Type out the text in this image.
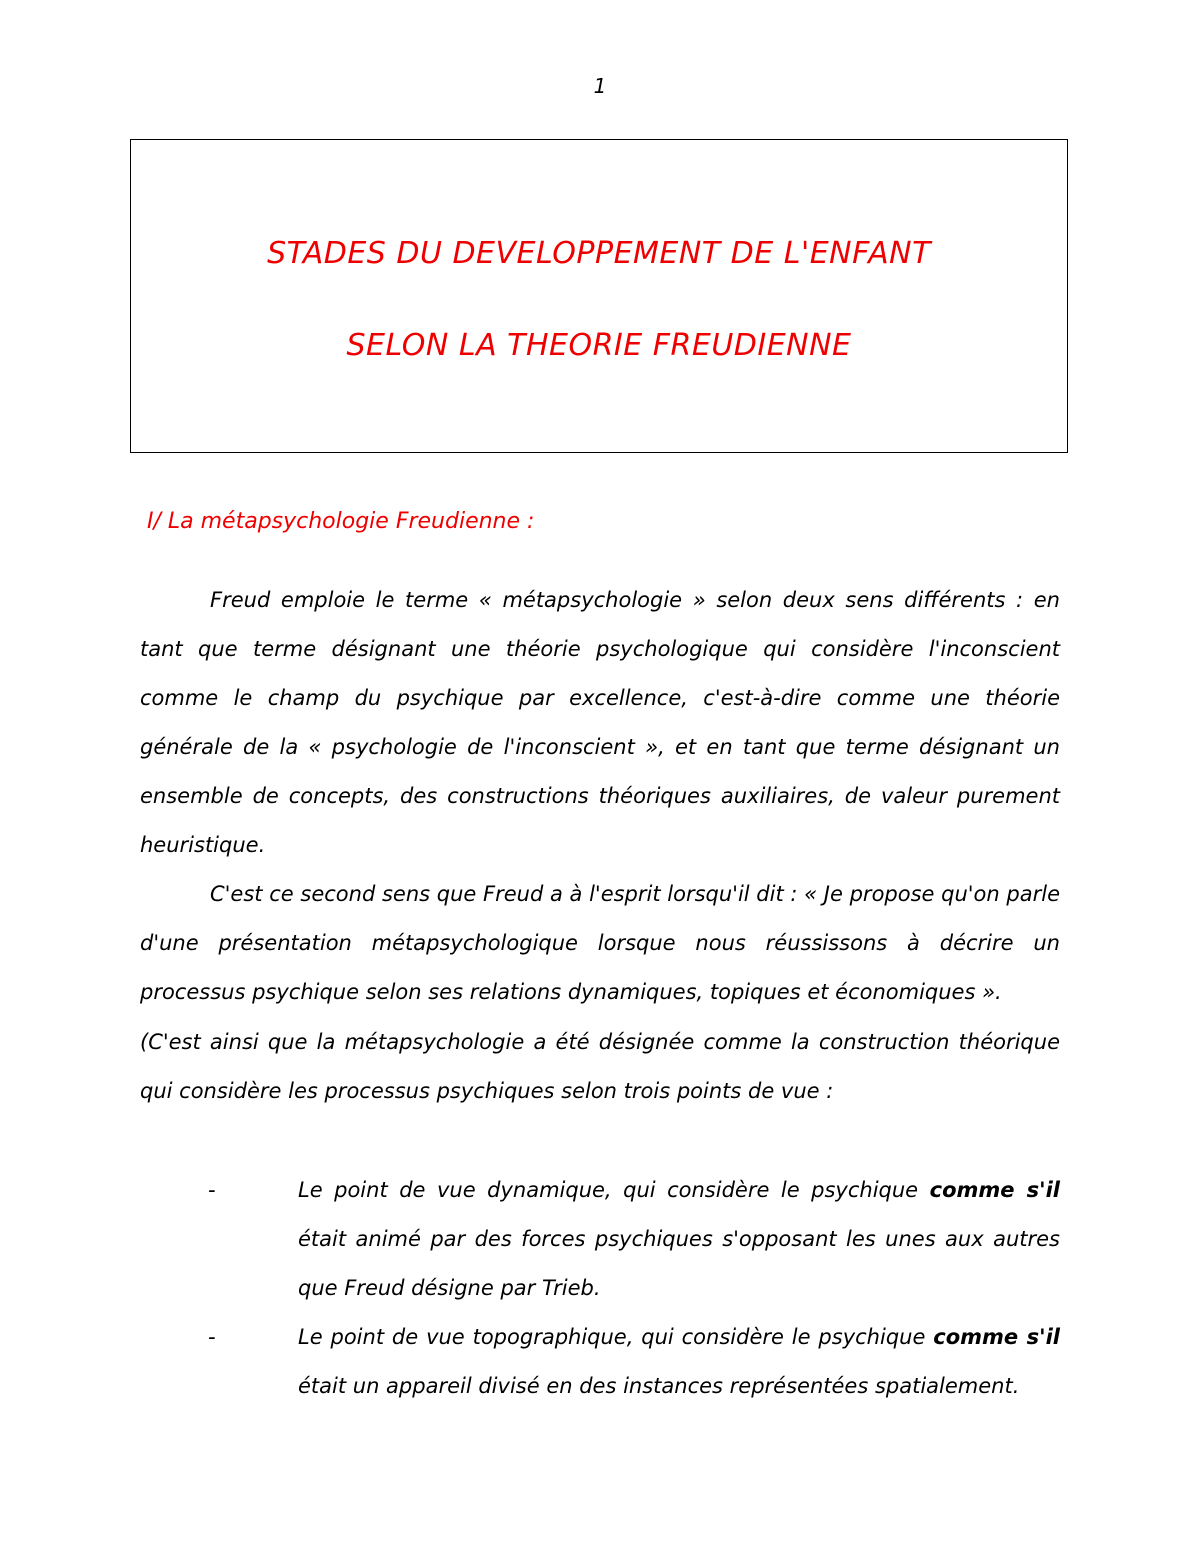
1
STADES DU DEVELOPPEMENT DE L'ENFANT
SELON LA THEORIE FREUDIENNE
I/ La métapsychologie Freudienne :
Freud emploie le terme « métapsychologie » selon deux sens différents : en tant que terme désignant une théorie psychologique qui considère l'inconscient comme le champ du psychique par excellence, c'est-à-dire comme une théorie générale de la « psychologie de l'inconscient », et en tant que terme désignant un ensemble de concepts, des constructions théoriques auxiliaires, de valeur purement heuristique.
C'est ce second sens que Freud a à l'esprit lorsqu'il dit : « Je propose qu'on parle d'une présentation métapsychologique lorsque nous réussissons à décrire un processus psychique selon ses relations dynamiques, topiques et économiques ».
(C'est ainsi que la métapsychologie a été désignée comme la construction théorique qui considère les processus psychiques selon trois points de vue :
-	Le point de vue dynamique, qui considère le psychique comme s'il était animé par des forces psychiques s'opposant les unes aux autres que Freud désigne par Trieb.
-	Le point de vue topographique, qui considère le psychique comme s'il était un appareil divisé en des instances représentées spatialement.
